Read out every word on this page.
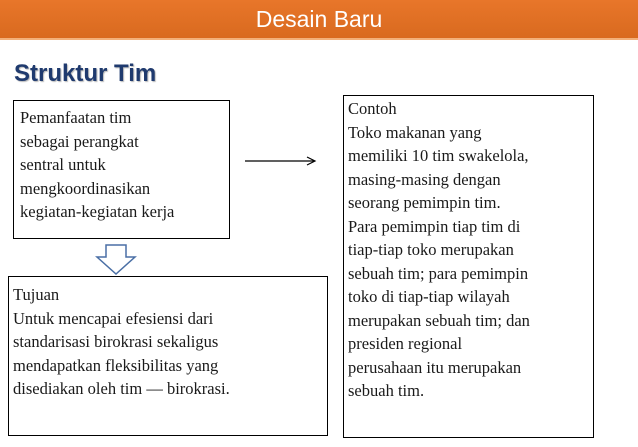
Desain Baru
Struktur Tim
Pemanfaatan tim
sebagai perangkat
sentral untuk
mengkoordinasikan
kegiatan-kegiatan kerja
Tujuan
Untuk mencapai efesiensi dari
standarisasi birokrasi sekaligus
mendapatkan fleksibilitas yang
disediakan oleh tim — birokrasi.
Contoh
Toko makanan yang
memiliki 10 tim swakelola,
masing-masing dengan
seorang pemimpin tim.
Para pemimpin tiap tim di
tiap-tiap toko merupakan
sebuah tim; para pemimpin
toko di tiap-tiap wilayah
merupakan sebuah tim; dan
presiden regional
perusahaan itu merupakan
sebuah tim.
